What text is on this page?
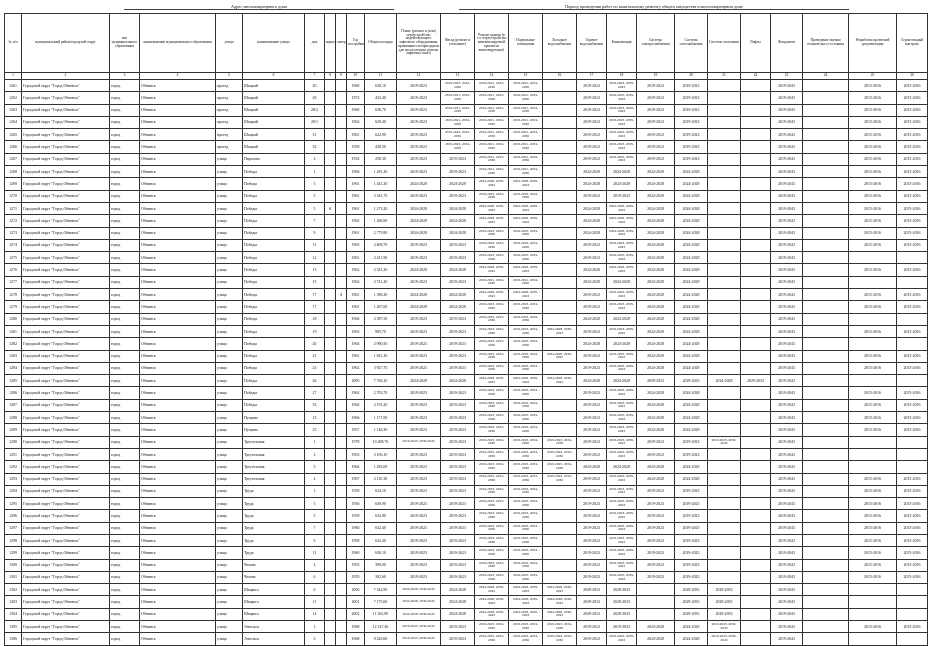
Адрес многоквартирного дома	Период проведения работ по капитальному ремонту общего имущества в многоквартирном доме
№ п/п	муниципальный район/городской округ	тип муниципального образования	наименование муниципального образования	улица	наименование улицы	дом	корпус	литер	Год постройки	Общая площадь	Плано (ремонт и (или) переустройство недействующего лифтового оборудования, признанного непригодным для эксплуатации, ремонт лифтовых шахт)	Фасад (ремонт и утепление)	Ремонт крыши (в т.ч. переустройство невентилируемой крыши на вентилируемую)	Подвальные помещения	Холодное водоснабжение	Горячее водоснабжение	Канализация	Система электроснабжения	Система газоснабжения	Система отопления	Лифты	Фундамент	Проведение оценки технического состояния	Разработка проектной документации	Строительный контроль
1	2	3	4	5	6	7	8	9	10	11	12	13	14	15	16	17	18	19	20	21	22	23	24	25	26
1261	Городской округ "Город Обнинск"	город	Обнинск	проезд	Шацкий	20			1960	630,10	2019-2023	2019-2023, 2034-2036	2019-2021, 2034-2036	2019-2021, 2034-2036		2019-2023	2019-2023, 2039-2043	2019-2023	2019-2023			2019-2043		2015-2016	2015-2016
1262	Городской округ "Город Обнинск"	город	Обнинск	проезд	Шацкий	26			1972	433,40	2019-2023	2019-2021, 2034-2036	2019-2021, 2034-2036	2019-2021, 2034-2036		2019-2023	2019-2023, 2039-2043	2019-2023	2019-2023			2019-2043		2015-2016	2015-2016
1263	Городской округ "Город Обнинск"	город	Обнинск	проезд	Шацкий	28/2			1960	636,70	2019-2023	2019-2021, 2034-2036	2019-2021, 2034-2036	2019-2021, 2034-2036		2019-2023	2019-2023, 2039-2043	2019-2023	2019-2023			2019-2043		2015-2016	2015-2016
1264	Городской округ "Город Обнинск"	город	Обнинск	проезд	Шацкий	20/1			1962	629,40	2019-2023	2019-2021, 2034-2036	2019-2021, 2034-2036	2019-2021, 2034-2036		2019-2023	2019-2023, 2039-2043	2019-2023	2019-2023			2019-2043		2015-2016	2015-2016
1265	Городской округ "Город Обнинск"	город	Обнинск	проезд	Шацкий	31			1961	622,90	2019-2023	2019-2023, 2034-2036	2019-2021, 2034-2036	2019-2021, 2034-2036		2019-2023	2019-2023, 2039-2043	2019-2023	2019-2023			2019-2043		2015-2016	2015-2016
1266	Городской округ "Город Обнинск"	город	Обнинск	проезд	Шацкий	32			1959	428,50	2019-2023	2019-2023, 2034-2036	2019-2021, 2034-2036	2019-2021, 2034-2036		2019-2023	2019-2023, 2039-2043	2019-2023	2019-2023			2019-2043		2015-2016	2015-2016
1267	Городской округ "Город Обнинск"	город	Обнинск	улица	Пирогова	2			1954	258,30	2019-2023	2019-2023	2019-2021, 2034-2036	2019-2021, 2034-2036		2019-2023	2019-2023, 2039-2043	2019-2023	2019-2023			2019-2043		2015-2016	2015-2016
1268	Городской округ "Город Обнинск"	город	Обнинск	улица	Победы	1			1966	1 281,30	2019-2023	2019-2023	2019-2021, 2034-2036	2019-2021, 2034-2036		2024-2028	2024-2028	2024-2028	2024-2028			2019-2043		2015-2016	2015-2016
1269	Городской округ "Город Обнинск"	город	Обнинск	улица	Победы	3			1961	1 441,30	2024-2028	2024-2028	2024-2028, 2039-2043	2024-2028, 2039-2043		2024-2028	2024-2028	2024-2028	2024-2028			2019-2043		2015-2016	2015-2016
1270	Городской округ "Город Обнинск"	город	Обнинск	улица	Победы	5			1961	2 341,70	2019-2023	2019-2023	2019-2023, 2034-2036	2019-2023, 2034-2036		2019-2023	2019-2023	2024-2028	2024-2028			2019-2043		2015-2016	2015-2016
1271	Городской округ "Город Обнинск"	город	Обнинск	улица	Победы	5	А		1961	1 273,20	2024-2028	2024-2028	2024-2028, 2039-2043	2024-2028, 2039-2043		2024-2028	2024-2028, 2039-2043	2024-2028	2024-2028			2019-2043		2015-2016	2015-2016
1272	Городской округ "Город Обнинск"	город	Обнинск	улица	Победы	7			1962	1 266,90	2024-2028	2024-2028	2024-2028, 2039-2043	2024-2028, 2039-2043		2024-2028	2024-2028, 2039-2043	2024-2028	2024-2028			2019-2043		2015-2016	2015-2016
1273	Городской округ "Город Обнинск"	город	Обнинск	улица	Победы	9			1961	2 779,90	2024-2028	2024-2028	2019-2023, 2034-2036	2019-2023, 2034-2036		2024-2028	2024-2028, 2039-2043	2024-2028	2024-2028			2019-2043		2015-2016	2015-2016
1274	Городской округ "Город Обнинск"	город	Обнинск	улица	Победы	11			1965	2 609,70	2019-2023	2019-2023	2019-2023, 2034-2036	2019-2023, 2034-2036		2019-2023	2019-2023, 2039-2043	2024-2028	2024-2028			2019-2043		2015-2016	2015-2016
1275	Городской округ "Город Обнинск"	город	Обнинск	улица	Победы	12			1961	2 411,90	2019-2023	2019-2023	2019-2023, 2034-2036	2019-2023, 2034-2036		2019-2023	2019-2023, 2039-2043	2024-2028	2024-2028			2019-2043			
1276	Городской округ "Город Обнинск"	город	Обнинск	улица	Победы	13			1962	2 331,20	2024-2028	2024-2028	2024-2028, 2039-2043	2024-2028, 2039-2043		2024-2028	2024-2028, 2039-2043	2024-2028	2024-2028			2019-2043		2015-2016	2015-2016
1277	Городской округ "Город Обнинск"	город	Обнинск	улица	Победы	15			1962	2 741,20	2019-2023	2019-2023	2019-2021, 2034-2036	2019-2021, 2034-2036		2024-2028	2024-2028	2024-2028	2024-2028			2019-2043			
1278	Городской округ "Город Обнинск"	город	Обнинск	улица	Победы	17		А	1961	1 396,30	2024-2028	2024-2028	2024-2028, 2039-2043	2024-2028, 2039-2043		2019-2023	2019-2023, 2039-2043	2024-2028	2024-2028			2019-2043		2015-2016	2015-2016
1279	Городской округ "Город Обнинск"	город	Обнинск	улица	Победы	17			1961	1 267,60	2024-2028	2024-2028	2019-2023, 2034-2036	2019-2023, 2034-2036		2019-2023	2019-2023, 2039-2043	2024-2028	2024-2028			2019-2043		2015-2016	2015-2016
1280	Городской округ "Город Обнинск"	город	Обнинск	улица	Победы	18			1964	2 387,50	2019-2023	2019-2023	2019-2023, 2034-2036	2019-2023, 2034-2036		2024-2028	2024-2028	2024-2028	2024-2028			2019-2043			
1281	Городской округ "Город Обнинск"	город	Обнинск	улица	Победы	19			1963	985,70	2019-2023	2019-2023	2019-2023, 2034-2036	2019-2023, 2034-2036	2024-2028, 2039-2043	2019-2023	2019-2023, 2039-2043	2024-2028	2024-2028			2019-2043		2015-2016	2015-2016
1282	Городской округ "Город Обнинск"	город	Обнинск	улица	Победы	20			1964	2 990,50	2019-2023	2019-2023	2019-2023, 2034-2036	2019-2023, 2034-2036		2024-2028	2024-2028	2024-2028	2024-2028			2019-2043			
1283	Городской округ "Город Обнинск"	город	Обнинск	улица	Победы	21			1961	1 821,30	2019-2023	2019-2023	2019-2023, 2034-2036	2019-2023, 2034-2036	2024-2028, 2039-2043	2019-2023	2019-2023, 2039-2043	2024-2028	2024-2028			2019-2043		2015-2016	2015-2016
1284	Городской округ "Город Обнинск"	город	Обнинск	улица	Победы	23			1962	3 927,70	2019-2023	2019-2023	2019-2023, 2034-2036	2019-2023, 2034-2036		2019-2023	2019-2023, 2039-2043	2024-2028	2024-2028			2019-2043		2015-2016	2015-2016
1285	Городской округ "Город Обнинск"	город	Обнинск	улица	Победы	26			2005	7 766,10	2024-2028	2024-2028	2024-2028, 2039-2043	2024-2028, 2039-2043	2024-2028, 2039-2043	2024-2028	2024-2028	2029-2033	2029-2033	2024-2028	2029-2033	2019-2043			
1286	Городской округ "Город Обнинск"	город	Обнинск	улица	Победы	27			1962	2 703,70	2019-2023	2019-2023	2019-2023, 2034-2036	2019-2023, 2034-2036		2019-2023	2019-2023, 2039-2043	2024-2028	2024-2028			2019-2043		2015-2016	2015-2016
1287	Городской округ "Город Обнинск"	город	Обнинск	улица	Победы	33			1964	2 191,20	2019-2023	2019-2023	2019-2023, 2034-2036	2019-2023, 2034-2036		2019-2023	2019-2023, 2039-2043	2024-2028	2024-2028			2019-2043		2015-2016	2015-2016
1288	Городской округ "Город Обнинск"	город	Обнинск	улица	Пущина	13			1966	1 171,90	2019-2023	2019-2023	2019-2023, 2034-2036	2019-2023, 2034-2036		2019-2023	2019-2023, 2039-2043	2024-2028	2024-2028			2019-2043		2015-2016	2015-2016
1289	Городской округ "Город Обнинск"	город	Обнинск	улица	Пущина	25			1957	1 146,30	2019-2023	2019-2023	2019-2023, 2034-2036	2019-2023, 2034-2036		2019-2023	2019-2023, 2039-2043	2024-2028	2024-2028			2019-2043		2015-2016	2015-2016
1290	Городской округ "Город Обнинск"	город	Обнинск	улица	Треугольная	1			1978	10 408,70	2019-2023, 2039-2043	2019-2023	2019-2023, 2034-2036	2019-2023, 2034-2036	2019-2023, 2034-2036	2019-2023	2019-2023, 2039-2043	2019-2023	2019-2023	2019-2023, 2039-2043		2019-2043			
1291	Городской округ "Город Обнинск"	город	Обнинск	улица	Треугольная	2			1963	3 106,10	2019-2023	2019-2023	2019-2023, 2034-2036	2019-2023, 2034-2036	2019-2023, 2034-2036	2019-2023	2019-2023, 2039-2043	2019-2023	2019-2023			2019-2043			
1292	Городской округ "Город Обнинск"	город	Обнинск	улица	Треугольная	3			1964	1 282,00	2019-2023	2019-2023	2019-2023, 2034-2036	2019-2023, 2034-2036	2019-2023, 2034-2036	2024-2028	2024-2028	2024-2028	2024-2028			2019-2043			
1293	Городской округ "Город Обнинск"	город	Обнинск	улица	Треугольная	4			1967	2 110,30	2019-2023	2019-2023	2019-2023, 2034-2036	2019-2023, 2034-2036	2019-2023, 2034-2036	2019-2023	2019-2023, 2039-2043	2024-2028	2024-2028			2019-2043		2015-2016	2015-2016
1294	Городской округ "Город Обнинск"	город	Обнинск	улица	Труда	1			1959	634,10	2019-2023	2019-2023	2019-2023, 2034-2036	2019-2023, 2034-2036		2019-2023	2019-2023, 2039-2043	2019-2023	2019-2023			2019-2043		2015-2016	2015-2016
1295	Городской округ "Город Обнинск"	город	Обнинск	улица	Труда	3			1956	630,90	2019-2023	2019-2023	2019-2023, 2034-2036	2019-2023, 2034-2036		2019-2023	2019-2023, 2039-2043	2019-2023	2019-2023			2019-2043		2015-2016	2015-2016
1296	Городской округ "Город Обнинск"	город	Обнинск	улица	Труда	5			1959	632,80	2019-2023	2019-2023	2019-2023, 2034-2036	2019-2023, 2034-2036		2019-2023	2019-2023, 2039-2043	2019-2023	2019-2023			2019-2043		2015-2016	2015-2016
1297	Городской округ "Город Обнинск"	город	Обнинск	улица	Труда	7			1960	632,40	2019-2023	2019-2023	2019-2023, 2034-2036	2019-2023, 2034-2036		2019-2023	2019-2023, 2039-2043	2019-2023	2019-2023			2019-2043		2015-2016	2015-2016
1298	Городской округ "Город Обнинск"	город	Обнинск	улица	Труда	9			1958	632,40	2019-2023	2019-2023	2019-2023, 2034-2036	2019-2023, 2034-2036		2019-2023	2019-2023, 2039-2043	2019-2023	2019-2023			2019-2043		2015-2016	2015-2016
1299	Городской округ "Город Обнинск"	город	Обнинск	улица	Труда	11			1960	630,10	2019-2023	2019-2023	2019-2023, 2034-2036	2019-2023, 2034-2036		2019-2023	2019-2023, 2039-2043	2019-2023	2019-2023			2019-2043		2015-2016	2015-2016
1300	Городской округ "Город Обнинск"	город	Обнинск	улица	Чехова	4			1955	390,00	2019-2023	2019-2023	2019-2023, 2034-2036	2019-2023, 2034-2036		2019-2023	2019-2023, 2039-2043	2019-2023	2019-2023			2019-2043		2015-2016	2015-2016
1301	Городской округ "Город Обнинск"	город	Обнинск	улица	Чехова	6			1955	392,60	2019-2023	2019-2023	2019-2023, 2034-2036	2019-2023, 2034-2036		2019-2023	2019-2023, 2039-2043	2019-2023	2019-2023			2019-2043		2015-2016	2015-2016
1302	Городской округ "Город Обнинск"	город	Обнинск	улица	Шацкого	6			2006	7 342,90	2024-2028, 2039-2043	2024-2028	2024-2028, 2039-2043	2024-2028, 2039-2043	2024-2028, 2039-2043	2029-2033	2029-2033		2029-2033	2029-2033		2019-2043			
1303	Городской округ "Город Обнинск"	город	Обнинск	улица	Шацкого	11			2001	7 175,60	2024-2028, 2039-2043	2024-2028	2024-2028, 2039-2043	2024-2028, 2039-2043	2024-2028, 2039-2043	2029-2033	2029-2033		2029-2033	2029-2033		2019-2043			
1304	Городской округ "Город Обнинск"	город	Обнинск	улица	Шацкого	14			2002	11 361,90	2024-2028, 2039-2043	2024-2028	2024-2028, 2039-2043	2024-2028, 2039-2043	2024-2028, 2039-2043	2029-2033	2029-2033		2029-2033	2029-2033		2019-2043			
1305	Городской округ "Город Обнинск"	город	Обнинск	улица	Энгельса	1			1968	12 147,40	2019-2023, 2039-2043	2019-2023	2019-2023, 2034-2036	2019-2023, 2034-2036	2019-2023, 2034-2036	2019-2023	2019-2023	2024-2028	2024-2028	2019-2023, 2039-2043		2019-2043		2015-2016	2015-2016
1306	Городской округ "Город Обнинск"	город	Обнинск	улица	Энгельса	3			1968	9 226,60	2019-2023, 2039-2043	2019-2023	2019-2023, 2034-2036	2019-2023, 2034-2036	2019-2023, 2034-2036	2019-2023	2019-2023, 2039-2043	2024-2028	2024-2028	2019-2023, 2039-2043		2019-2043			
